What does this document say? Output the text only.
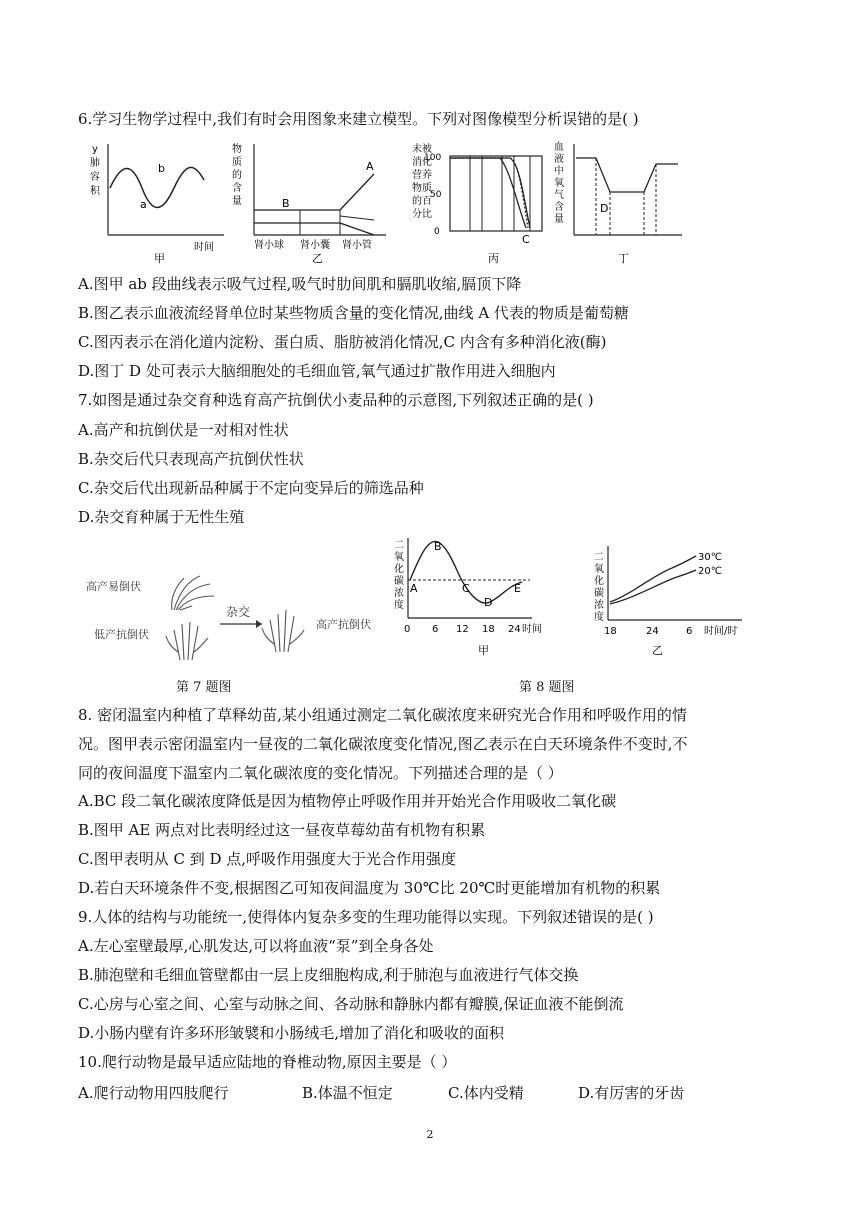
6.学习生物学过程中,我们有时会用图象来建立模型。下列对图像模型分析误错的是( )
y
肺
容
积
a
b
时间
甲
物
质
的
含
量
A
B
肾小球 肾小囊 肾小管
乙
未被
消化
营养
物质
的百
分比
100
50
0
C
丙
血
液
中
氧
气
含
量
D
丁
A.图甲 ab 段曲线表示吸气过程,吸气时肋间肌和膈肌收缩,膈顶下降
B.图乙表示血液流经肾单位时某些物质含量的变化情况,曲线 A 代表的物质是葡萄糖
C.图丙表示在消化道内淀粉、蛋白质、脂肪被消化情况,C 内含有多种消化液(酶)
D.图丁 D 处可表示大脑细胞处的毛细血管,氧气通过扩散作用进入细胞内
7.如图是通过杂交育种选育高产抗倒伏小麦品种的示意图,下列叙述正确的是( )
A.高产和抗倒伏是一对相对性状
B.杂交后代只表现高产抗倒伏性状
C.杂交后代出现新品种属于不定向变异后的筛选品种
D.杂交育种属于无性生殖
高产易倒伏
低产抗倒伏
杂交
高产抗倒伏
第 7 题图
二
氧
化
碳
浓
度
A
B
C
D
E
0 6 12 18 24 时间
甲
二
氧
化
碳
浓
度
30℃
20℃
18	24	6 时间/时
乙
第 8 题图
8. 密闭温室内种植了草释幼苗,某小组通过测定二氧化碳浓度来研究光合作用和呼吸作用的情
况。图甲表示密闭温室内一昼夜的二氧化碳浓度变化情况,图乙表示在白天环境条件不变时,不
同的夜间温度下温室内二氧化碳浓度的变化情况。下列描述合理的是（ ）
A.BC 段二氧化碳浓度降低是因为植物停止呼吸作用并开始光合作用吸收二氧化碳
B.图甲 AE 两点对比表明经过这一昼夜草莓幼苗有机物有积累
C.图甲表明从 C 到 D 点,呼吸作用强度大于光合作用强度
D.若白天环境条件不变,根据图乙可知夜间温度为 30℃比 20℃时更能增加有机物的积累
9.人体的结构与功能统一,使得体内复杂多变的生理功能得以实现。下列叙述错误的是( )
A.左心室壁最厚,心肌发达,可以将血液“泵”到全身各处
B.肺泡壁和毛细血管壁都由一层上皮细胞构成,利于肺泡与血液进行气体交换
C.心房与心室之间、心室与动脉之间、各动脉和静脉内都有瓣膜,保证血液不能倒流
D.小肠内壁有许多环形皱襞和小肠绒毛,增加了消化和吸收的面积
10.爬行动物是最早适应陆地的脊椎动物,原因主要是（ ）
A.爬行动物用四肢爬行	B.体温不恒定	C.体内受精	D.有厉害的牙齿
2
